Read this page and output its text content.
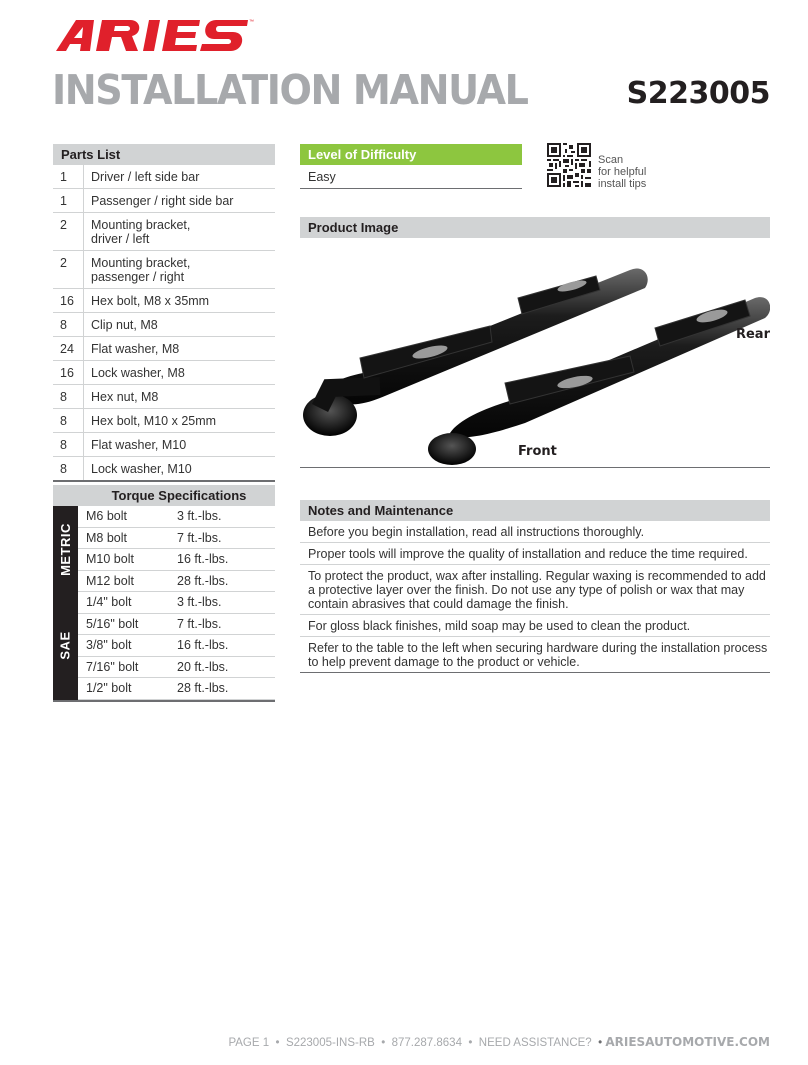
™
INSTALLATION MANUAL	S223005
Parts List
1	Driver / left side bar
1	Passenger / right side bar
2	Mounting bracket,
driver / left
2	Mounting bracket,
passenger / right
16	Hex bolt, M8 x 35mm
8	Clip nut, M8
24	Flat washer, M8
16	Lock washer, M8
8	Hex nut, M8
8	Hex bolt, M10 x 25mm
8	Flat washer, M10
8	Lock washer, M10
Torque Specifications
METRIC
M6 bolt	3 ft.-lbs.
M8 bolt	7 ft.-lbs.
M10 bolt	16 ft.-lbs.
M12 bolt	28 ft.-lbs.
SAE
1/4" bolt	3 ft.-lbs.
5/16" bolt	7 ft.-lbs.
3/8" bolt	16 ft.-lbs.
7/16" bolt	20 ft.-lbs.
1/2" bolt	28 ft.-lbs.
Level of Difficulty
Easy
Scan
for helpful
install tips
Product Image
Rear
Front
Notes and Maintenance
Before you begin installation, read all instructions thoroughly.
Proper tools will improve the quality of installation and reduce the time required.
To protect the product, wax after installing. Regular waxing is recommended to add a protective layer over the finish. Do not use any type of polish or wax that may contain abrasives that could damage the finish.
For gloss black finishes, mild soap may be used to clean the product.
Refer to the table to the left when securing hardware during the installation process to help prevent damage to the product or vehicle.
PAGE 1  •  S223005-INS-RB  •  877.287.8634  •  NEED ASSISTANCE?  • ARIESAUTOMOTIVE.COM
